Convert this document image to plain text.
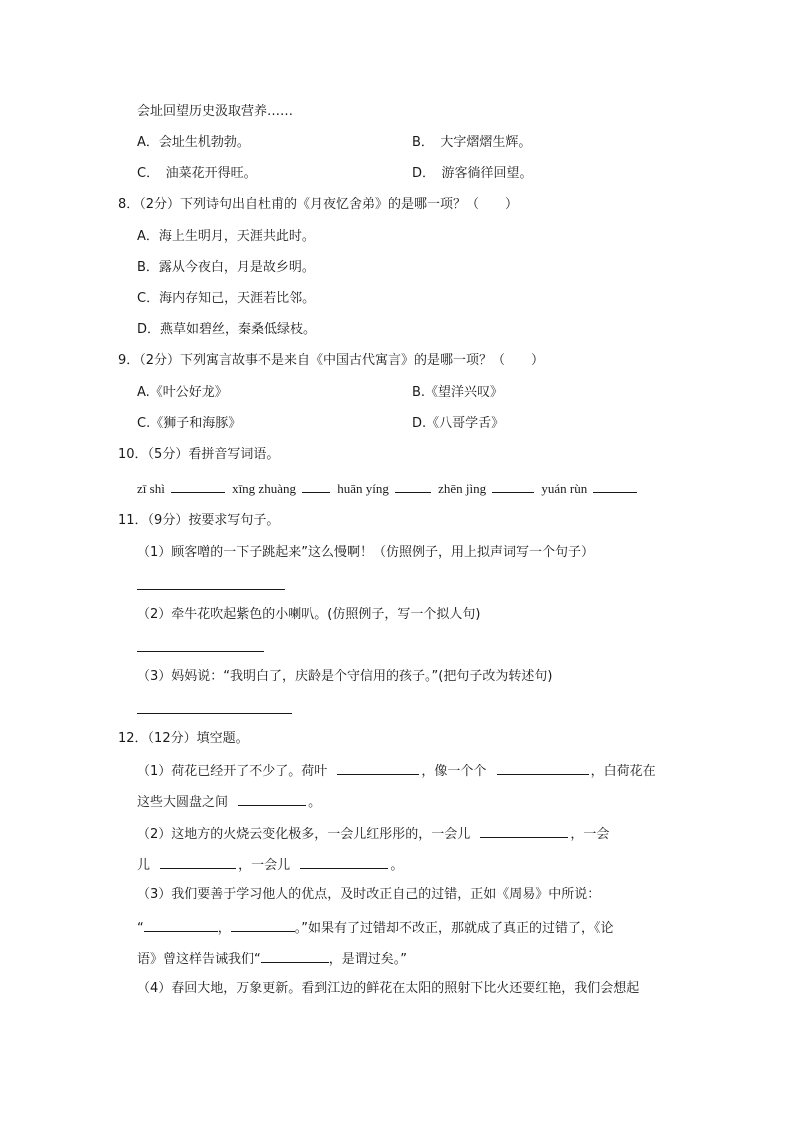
会址回望历史汲取营养……
A．会址生机勃勃。	B．　大字熠熠生辉。
C．　油菜花开得旺。	D．　游客徜徉回望。
8．（2分）下列诗句出自杜甫的《月夜忆舍弟》的是哪一项？（　　）
A．海上生明月，天涯共此时。
B．露从今夜白，月是故乡明。
C．海内存知己，天涯若比邻。
D．燕草如碧丝，秦桑低绿枝。
9．（2分）下列寓言故事不是来自《中国古代寓言》的是哪一项？（　　）
A.《叶公好龙》	B.《望洋兴叹》
C.《狮子和海豚》	D.《八哥学舌》
10．（5分）看拼音写词语。
zī shì	xīng zhuàng	huān yíng	zhēn jìng	yuán rùn
11．（9分）按要求写句子。
（1）顾客噌的一下子跳起来”这么慢啊！（仿照例子，用上拟声词写一个句子）
（2）牵牛花吹起紫色的小喇叭。(仿照例子，写一个拟人句)
（3）妈妈说：“我明白了，庆龄是个守信用的孩子。”(把句子改为转述句)
12．（12分）填空题。
（1）荷花已经开了不少了。荷叶	，像一个个	，白荷花在
这些大圆盘之间	。
（2）这地方的火烧云变化极多，一会儿红彤彤的，一会儿	，一会
儿	，一会儿	。
（3）我们要善于学习他人的优点，及时改正自己的过错，正如《周易》中所说：
“	，	。”如果有了过错却不改正，那就成了真正的过错了，《论
语》曾这样告诫我们“	，是谓过矣。”
（4）春回大地，万象更新。看到江边的鲜花在太阳的照射下比火还要红艳，我们会想起
